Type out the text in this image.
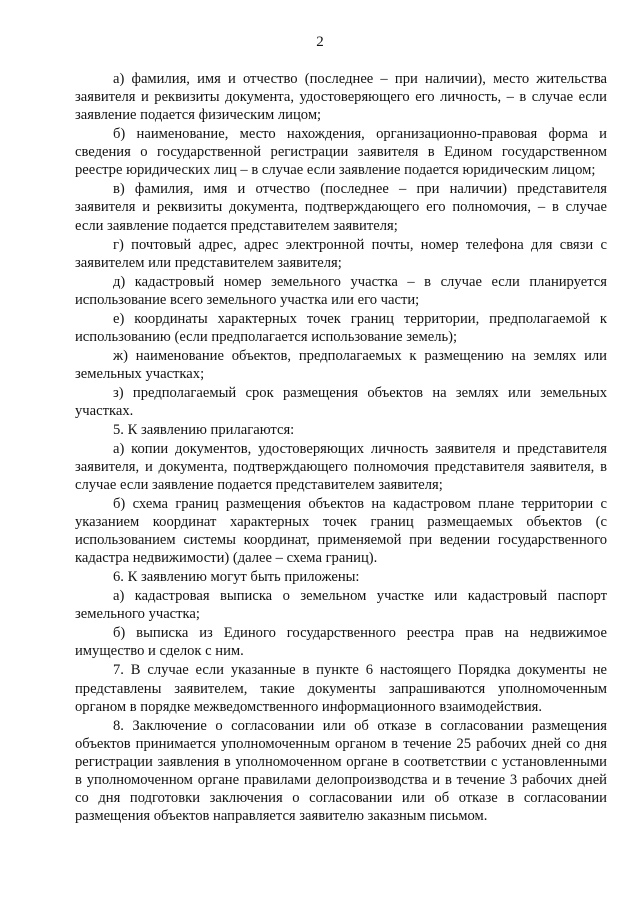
2

а) фамилия, имя и отчество (последнее – при наличии), место жительства заявителя и реквизиты документа, удостоверяющего его личность, – в случае если заявление подается физическим лицом;

б) наименование, место нахождения, организационно-правовая форма и сведения о государственной регистрации заявителя в Едином государственном реестре юридических лиц – в случае если заявление подается юридическим лицом;

в) фамилия, имя и отчество (последнее – при наличии) представителя заявителя и реквизиты документа, подтверждающего его полномочия, – в случае если заявление подается представителем заявителя;

г) почтовый адрес, адрес электронной почты, номер телефона для связи с заявителем или представителем заявителя;

д) кадастровый номер земельного участка – в случае если планируется использование всего земельного участка или его части;

е) координаты характерных точек границ территории, предполагаемой к использованию (если предполагается использование земель);

ж) наименование объектов, предполагаемых к размещению на землях или земельных участках;

з) предполагаемый срок размещения объектов на землях или земельных участках.

5. К заявлению прилагаются:

а) копии документов, удостоверяющих личность заявителя и представителя заявителя, и документа, подтверждающего полномочия представителя заявителя, в случае если заявление подается представителем заявителя;

б) схема границ размещения объектов на кадастровом плане территории с указанием координат характерных точек границ размещаемых объектов (с использованием системы координат, применяемой при ведении государственного кадастра недвижимости) (далее – схема границ).

6. К заявлению могут быть приложены:

а) кадастровая выписка о земельном участке или кадастровый паспорт земельного участка;

б) выписка из Единого государственного реестра прав на недвижимое имущество и сделок с ним.

7. В случае если указанные в пункте 6 настоящего Порядка документы не представлены заявителем, такие документы запрашиваются уполномоченным органом в порядке межведомственного информационного взаимодействия.

8. Заключение о согласовании или об отказе в согласовании размещения объектов принимается уполномоченным органом в течение 25 рабочих дней со дня регистрации заявления в уполномоченном органе в соответствии с установленными в уполномоченном органе правилами делопроизводства и в течение 3 рабочих дней со дня подготовки заключения о согласовании или об отказе в согласовании размещения объектов направляется заявителю заказным письмом.
